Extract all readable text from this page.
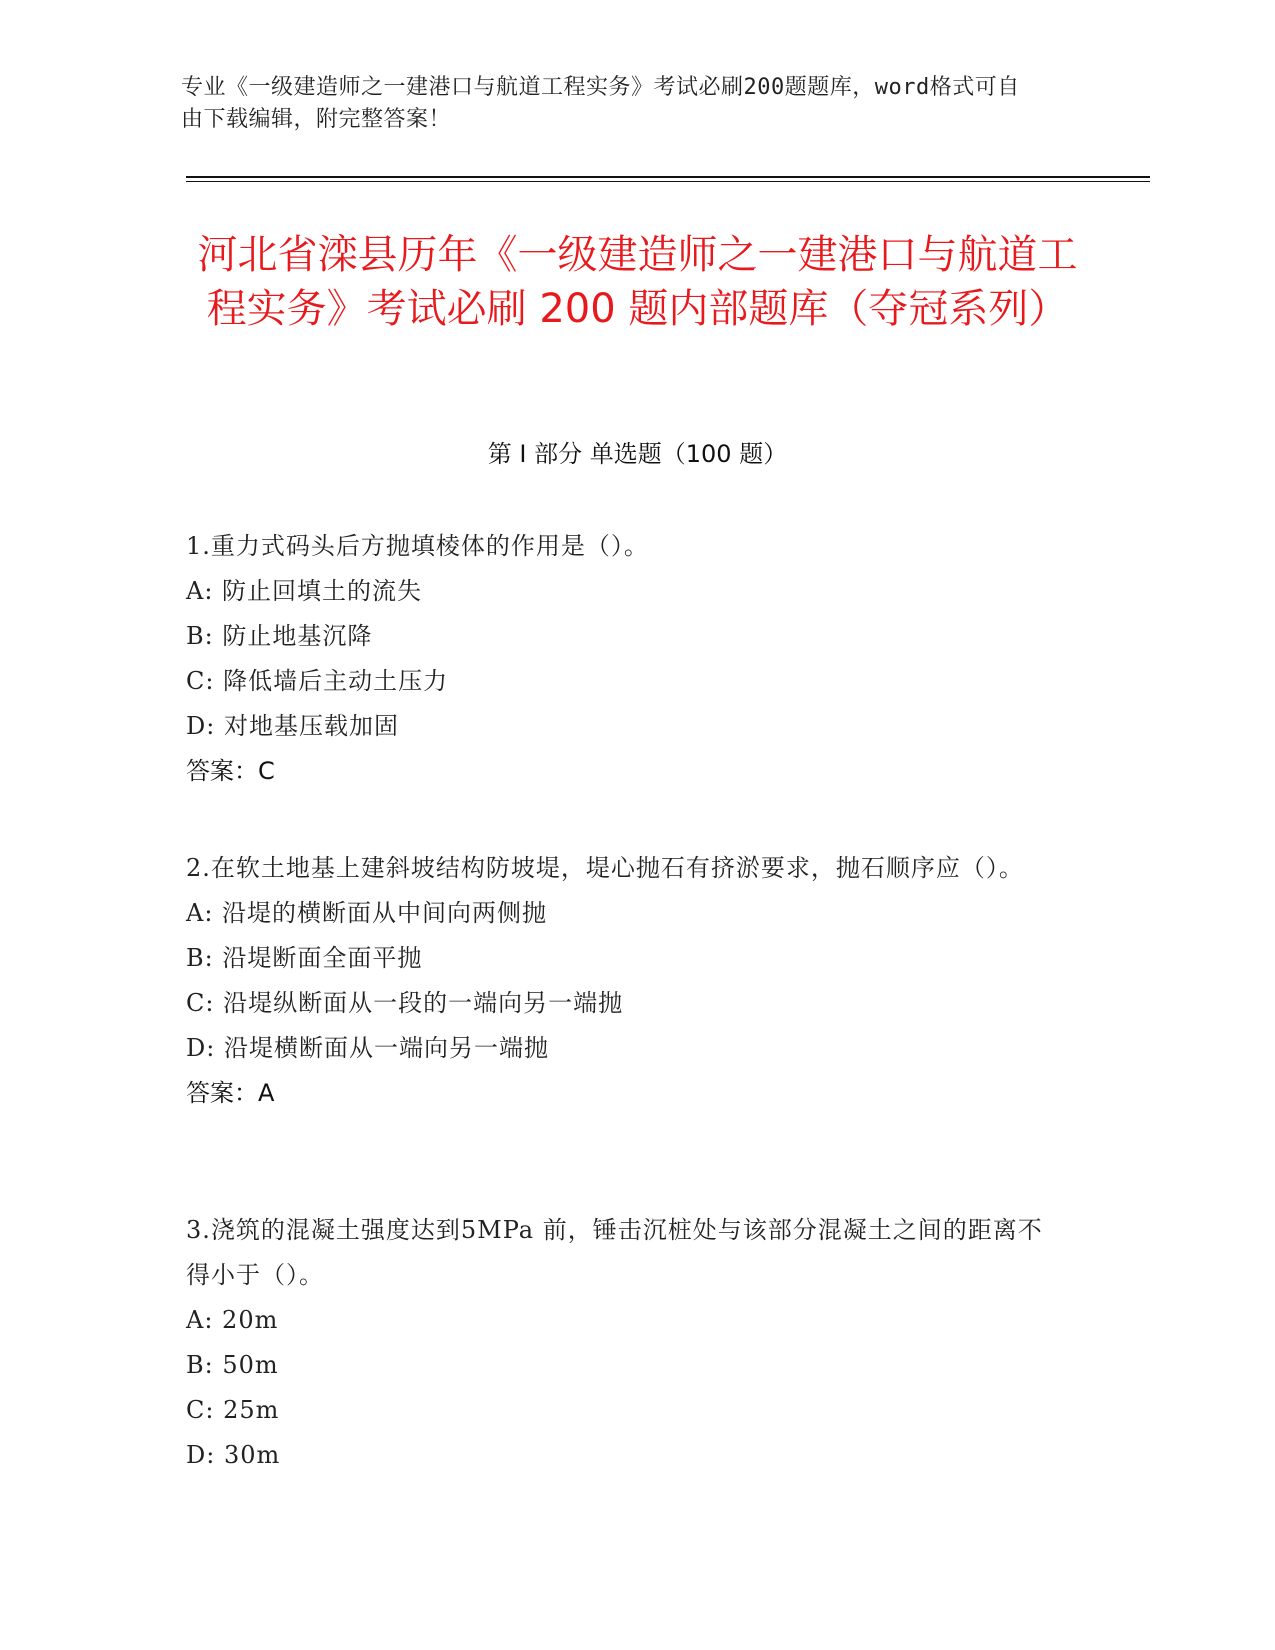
专业《一级建造师之一建港口与航道工程实务》考试必刷200题题库，word格式可自由下载编辑，附完整答案！
河北省滦县历年《一级建造师之一建港口与航道工程实务》考试必刷 200 题内部题库（夺冠系列）
第 I 部分 单选题（100 题）
1.重力式码头后方抛填棱体的作用是（）。
A: 防止回填土的流失
B: 防止地基沉降
C: 降低墙后主动土压力
D: 对地基压载加固
答案：C
2.在软土地基上建斜坡结构防坡堤，堤心抛石有挤淤要求，抛石顺序应（）。
A: 沿堤的横断面从中间向两侧抛
B: 沿堤断面全面平抛
C: 沿堤纵断面从一段的一端向另一端抛
D: 沿堤横断面从一端向另一端抛
答案：A
3.浇筑的混凝土强度达到5MPa 前，锤击沉桩处与该部分混凝土之间的距离不得小于（）。
A: 20m
B: 50m
C: 25m
D: 30m
